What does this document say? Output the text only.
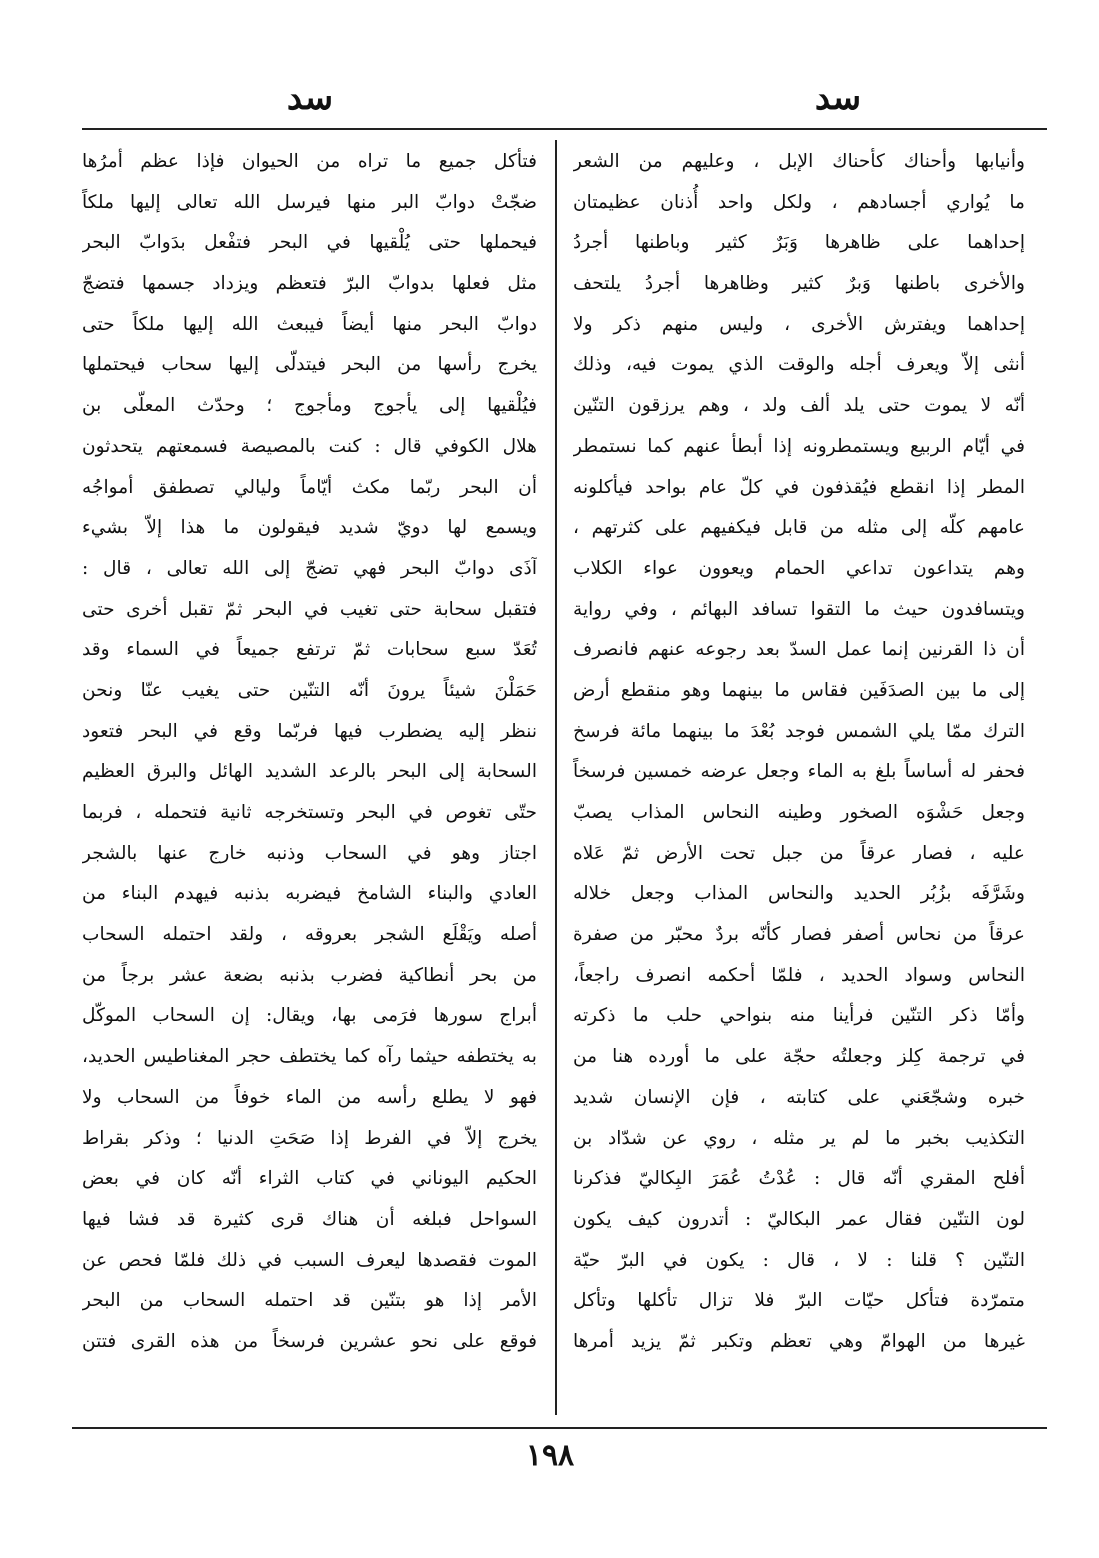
سد
سد
وأنيابها وأحناك كأحناك الإبل ، وعليهم من الشعر
ما يُواري أجسادهم ، ولكل واحد أُذنان عظيمتان
إحداهما على ظاهرها وَبَرٌ كثير وباطنها أجردُ
والأخرى باطنها وَبرٌ كثير وظاهرها أجردُ يلتحف
إحداهما ويفترش الأخرى ، وليس منهم ذكر ولا
أنثى إلاّ ويعرف أجله والوقت الذي يموت فيه، وذلك
أنّه لا يموت حتى يلد ألف ولد ، وهم يرزقون التنّين
في أيّام الربيع ويستمطرونه إذا أبطأ عنهم كما نستمطر
المطر إذا انقطع فيُقذفون في كلّ عام بواحد فيأكلونه
عامهم كلّه إلى مثله من قابل فيكفيهم على كثرتهم ،
وهم يتداعون تداعي الحمام ويعوون عواء الكلاب
ويتسافدون حيث ما التقوا تسافد البهائم ، وفي رواية
أن ذا القرنين إنما عمل السدّ بعد رجوعه عنهم فانصرف
إلى ما بين الصدَفَين فقاس ما بينهما وهو منقطع أرض
الترك ممّا يلي الشمس فوجد بُعْدَ ما بينهما مائة فرسخ
فحفر له أساساً بلغ به الماء وجعل عرضه خمسين فرسخاً
وجعل حَشْوَه الصخور وطينه النحاس المذاب يصبّ
عليه ، فصار عرقاً من جبل تحت الأرض ثمّ عَلاه
وشَرَّفَه بزُبُر الحديد والنحاس المذاب وجعل خلاله
عرقاً من نحاس أصفر فصار كأنّه بردٌ محبّر من صفرة
النحاس وسواد الحديد ، فلمّا أحكمه انصرف راجعاً،
وأمّا ذكر التنّين فرأينا منه بنواحي حلب ما ذكرته
في ترجمة كِلز وجعلتُه حجّة على ما أورده هنا من
خبره وشجّعَني على كتابته ، فإن الإنسان شديد
التكذيب بخبر ما لم ير مثله ، روي عن شدّاد بن
أفلح المقري أنّه قال : عُدْتُ عُمَرَ البِكاليّ فذكرنا
لون التنّين فقال عمر البكاليّ : أتدرون كيف يكون
التنّين ؟ قلنا : لا ، قال : يكون في البرّ حيّة
متمرّدة فتأكل حيّات البرّ فلا تزال تأكلها وتأكل
غيرها من الهوامّ وهي تعظم وتكبر ثمّ يزيد أمرها
فتأكل جميع ما تراه من الحيوان فإذا عظم أمرُها
ضجّتْ دوابّ البر منها فيرسل الله تعالى إليها ملكاً
فيحملها حتى يُلْقيها في البحر فتفْعل بدَوابّ البحر
مثل فعلها بدوابّ البرّ فتعظم ويزداد جسمها فتضجّ
دوابّ البحر منها أيضاً فيبعث الله إليها ملكاً حتى
يخرج رأسها من البحر فيتدلّى إليها سحاب فيحتملها
فيُلْقيها إلى يأجوج ومأجوج ؛ وحدّث المعلّى بن
هلال الكوفي قال : كنت بالمصيصة فسمعتهم يتحدثون
أن البحر ربّما مكث أيّاماً وليالي تصطفق أمواجُه
ويسمع لها دويّ شديد فيقولون ما هذا إلاّ بشيء
آذَى دوابّ البحر فهي تضجّ إلى الله تعالى ، قال :
فتقبل سحابة حتى تغيب في البحر ثمّ تقبل أخرى حتى
تُعَدّ سبع سحابات ثمّ ترتفع جميعاً في السماء وقد
حَمَلْنَ شيئاً يرونَ أنّه التنّين حتى يغيب عنّا ونحن
ننظر إليه يضطرب فيها فربّما وقع في البحر فتعود
السحابة إلى البحر بالرعد الشديد الهائل والبرق العظيم
حتّى تغوص في البحر وتستخرجه ثانية فتحمله ، فربما
اجتاز وهو في السحاب وذنبه خارج عنها بالشجر
العادي والبناء الشامخ فيضربه بذنبه فيهدم البناء من
أصله ويَقْلَع الشجر بعروقه ، ولقد احتمله السحاب
من بحر أنطاكية فضرب بذنبه بضعة عشر برجاً من
أبراج سورها فرَمى بها، ويقال: إن السحاب الموكّل
به يختطفه حيثما رآه كما يختطف حجر المغناطيس الحديد،
فهو لا يطلع رأسه من الماء خوفاً من السحاب ولا
يخرج إلاّ في الفرط إذا صَحَتِ الدنيا ؛ وذكر بقراط
الحكيم اليوناني في كتاب الثراء أنّه كان في بعض
السواحل فبلغه أن هناك قرى كثيرة قد فشا فيها
الموت فقصدها ليعرف السبب في ذلك فلمّا فحص عن
الأمر إذا هو بتنّين قد احتمله السحاب من البحر
فوقع على نحو عشرين فرسخاً من هذه القرى فتتن
١٩٨
